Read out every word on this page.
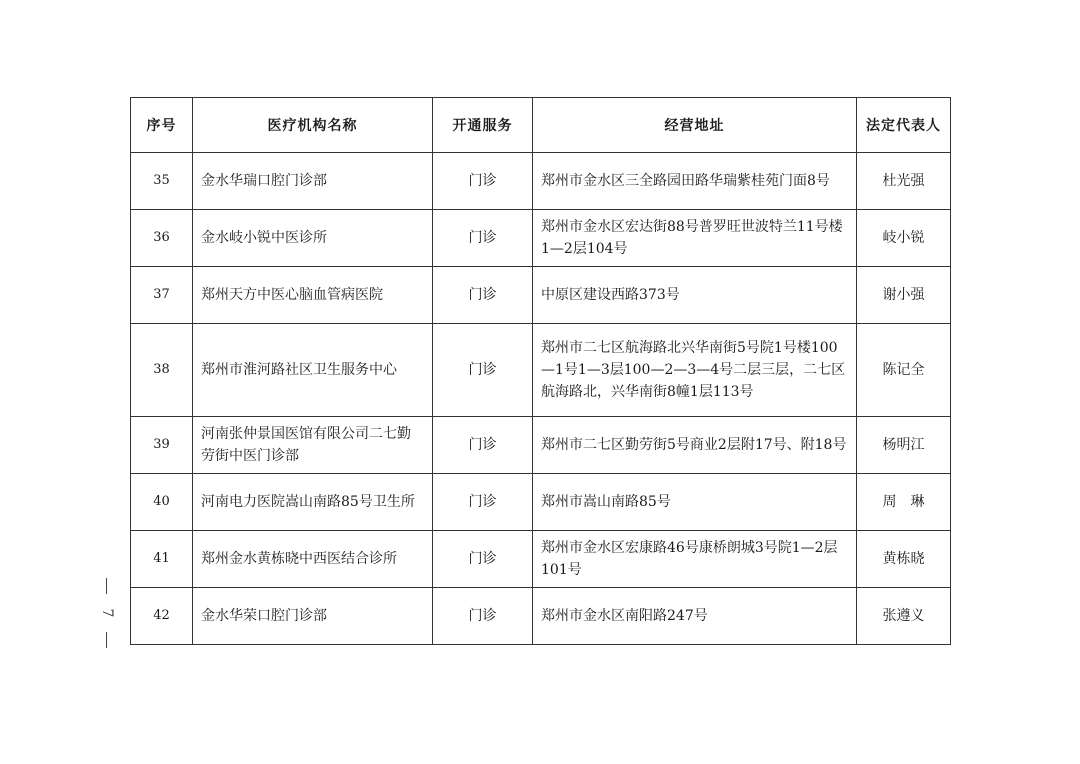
序号	医疗机构名称	开通服务	经营地址	法定代表人
35	金水华瑞口腔门诊部	门诊	郑州市金水区三全路园田路华瑞紫桂苑门面8号	杜光强
36	金水岐小锐中医诊所	门诊	郑州市金水区宏达街88号普罗旺世波特兰11号楼1—2层104号	岐小锐
37	郑州天方中医心脑血管病医院	门诊	中原区建设西路373号	谢小强
38	郑州市淮河路社区卫生服务中心	门诊	郑州市二七区航海路北兴华南街5号院1号楼100—1号1—3层100—2—3—4号二层三层，二七区航海路北，兴华南街8幢1层113号	陈记全
39	河南张仲景国医馆有限公司二七勤劳街中医门诊部	门诊	郑州市二七区勤劳街5号商业2层附17号、附18号	杨明江
40	河南电力医院嵩山南路85号卫生所	门诊	郑州市嵩山南路85号	周　琳
41	郑州金水黄栋晓中西医结合诊所	门诊	郑州市金水区宏康路46号康桥朗城3号院1—2层101号	黄栋晓
42	金水华荣口腔门诊部	门诊	郑州市金水区南阳路247号	张遵义
7
